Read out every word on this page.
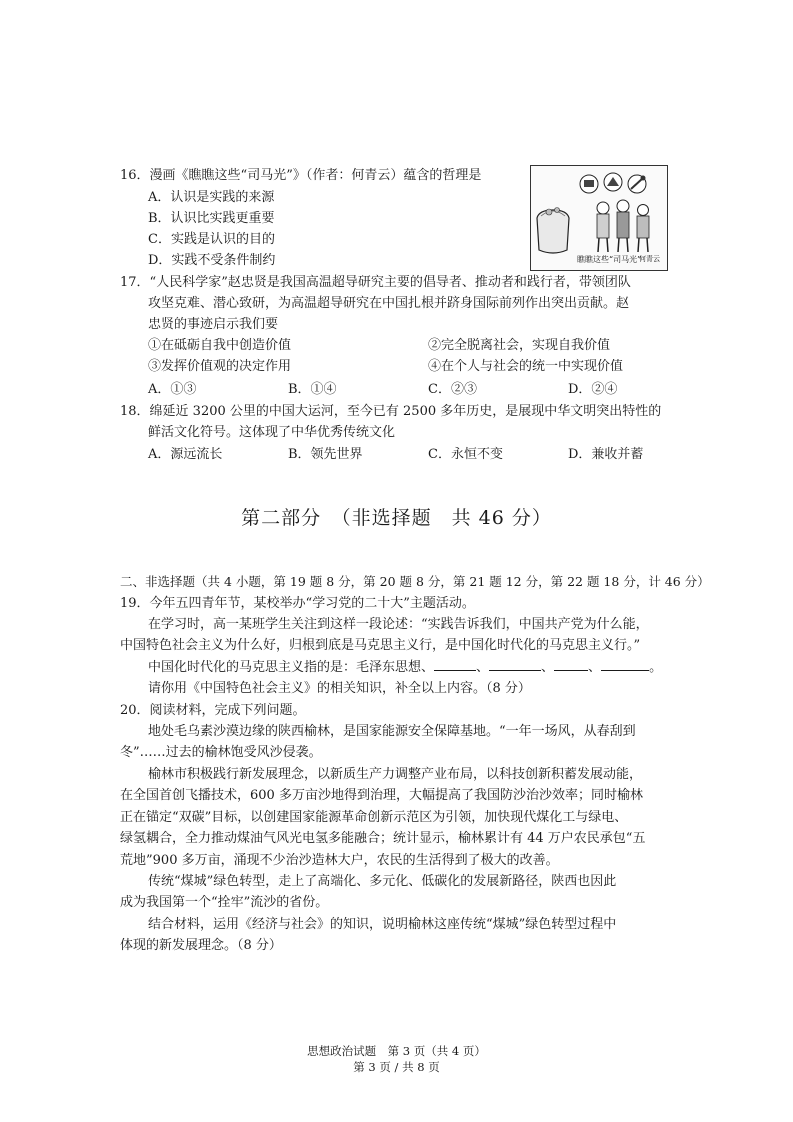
16．漫画《瞧瞧这些“司马光”》（作者：何青云）蕴含的哲理是
A．认识是实践的来源
B．认识比实践更重要
C．实践是认识的目的
D．实践不受条件制约	瞧瞧这些“司马光”
何青云
17．“人民科学家”赵忠贤是我国高温超导研究主要的倡导者、推动者和践行者，带领团队
攻坚克难、潜心致研，为高温超导研究在中国扎根并跻身国际前列作出突出贡献。赵
忠贤的事迹启示我们要
①在砥砺自我中创造价值	②完全脱离社会，实现自我价值
③发挥价值观的决定作用	④在个人与社会的统一中实现价值
A．①③	B．①④	C．②③	D．②④
18．绵延近 3200 公里的中国大运河，至今已有 2500 多年历史，是展现中华文明突出特性的
鲜活文化符号。这体现了中华优秀传统文化
A．源远流长	B．领先世界	C．永恒不变	D．兼收并蓄
第二部分　（非选择题　共 46 分）
二、非选择题（共 4 小题，第 19 题 8 分，第 20 题 8 分，第 21 题 12 分，第 22 题 18 分，计 46 分）
19．今年五四青年节，某校举办“学习党的二十大”主题活动。
在学习时，高一某班学生关注到这样一段论述：“实践告诉我们，中国共产党为什么能，
中国特色社会主义为什么好，归根到底是马克思主义行，是中国化时代化的马克思主义行。”
中国化时代化的马克思主义指的是：毛泽东思想、	、	、	、	。
请你用《中国特色社会主义》的相关知识，补全以上内容。（8 分）
20．阅读材料，完成下列问题。
地处毛乌素沙漠边缘的陕西榆林，是国家能源安全保障基地。“一年一场风，从春刮到
冬”……过去的榆林饱受风沙侵袭。
榆林市积极践行新发展理念，以新质生产力调整产业布局，以科技创新积蓄发展动能，
在全国首创飞播技术，600 多万亩沙地得到治理，大幅提高了我国防沙治沙效率；同时榆林
正在锚定“双碳”目标，以创建国家能源革命创新示范区为引领，加快现代煤化工与绿电、
绿氢耦合，全力推动煤油气风光电氢多能融合；统计显示，榆林累计有 44 万户农民承包“五
荒地”900 多万亩，涌现不少治沙造林大户，农民的生活得到了极大的改善。
传统“煤城”绿色转型，走上了高端化、多元化、低碳化的发展新路径，陕西也因此
成为我国第一个“拴牢”流沙的省份。
结合材料，运用《经济与社会》的知识，说明榆林这座传统“煤城”绿色转型过程中
体现的新发展理念。（8 分）
思想政治试题　第 3 页（共 4 页）
第 3 页 / 共 8 页
